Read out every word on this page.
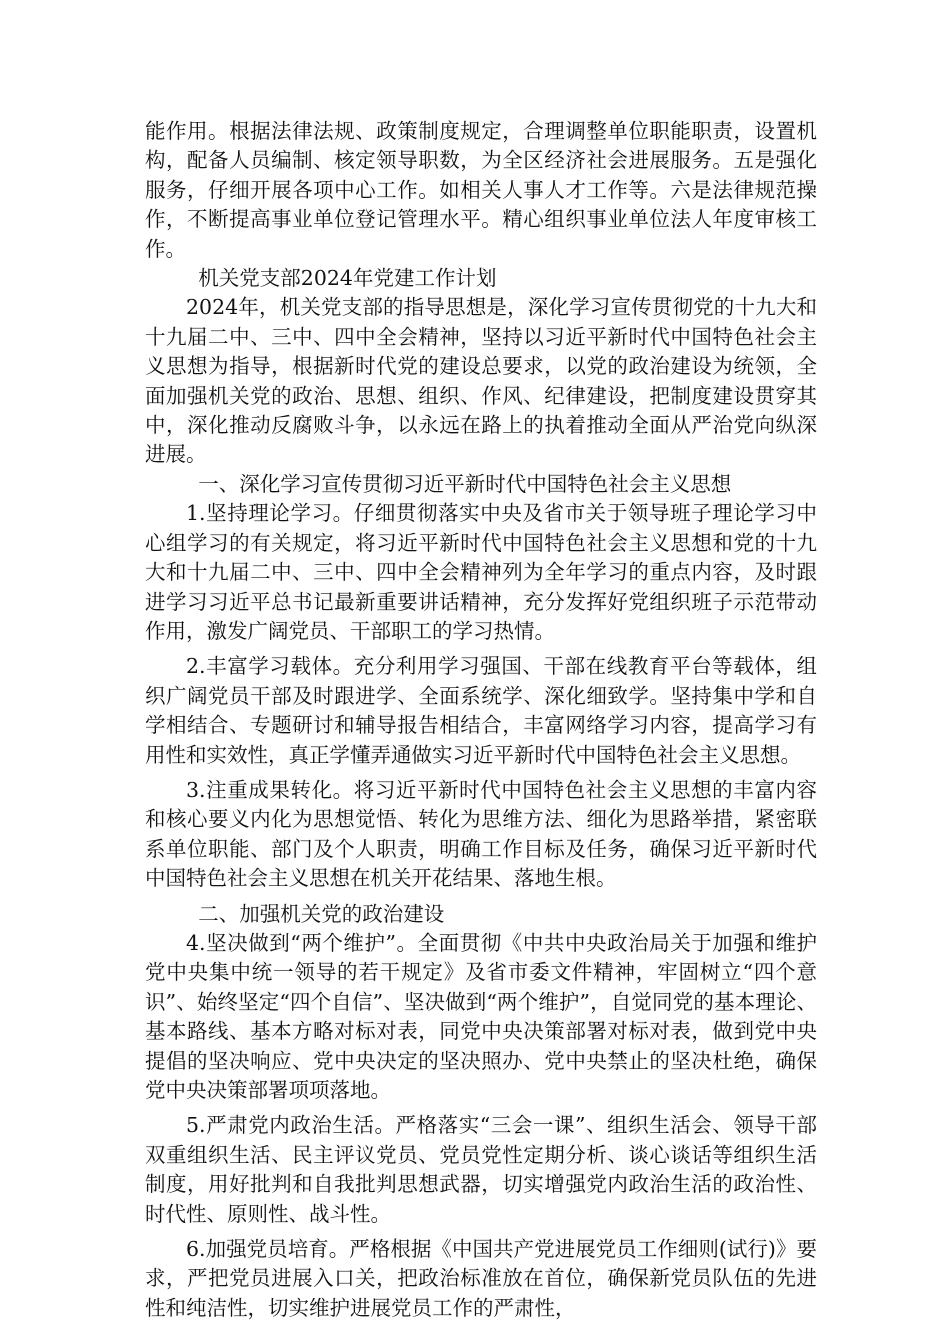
能作用。根据法律法规、政策制度规定，合理调整单位职能职责，设置机构，配备人员编制、核定领导职数，为全区经济社会进展服务。五是强化服务，仔细开展各项中心工作。如相关人事人才工作等。六是法律规范操作，不断提高事业单位登记管理水平。精心组织事业单位法人年度审核工作。

机关党支部2024年党建工作计划

2024年，机关党支部的指导思想是，深化学习宣传贯彻党的十九大和十九届二中、三中、四中全会精神，坚持以习近平新时代中国特色社会主义思想为指导，根据新时代党的建设总要求，以党的政治建设为统领，全面加强机关党的政治、思想、组织、作风、纪律建设，把制度建设贯穿其中，深化推动反腐败斗争，以永远在路上的执着推动全面从严治党向纵深进展。

一、深化学习宣传贯彻习近平新时代中国特色社会主义思想

1.坚持理论学习。仔细贯彻落实中央及省市关于领导班子理论学习中心组学习的有关规定，将习近平新时代中国特色社会主义思想和党的十九大和十九届二中、三中、四中全会精神列为全年学习的重点内容，及时跟进学习习近平总书记最新重要讲话精神，充分发挥好党组织班子示范带动作用，激发广阔党员、干部职工的学习热情。

2.丰富学习载体。充分利用学习强国、干部在线教育平台等载体，组织广阔党员干部及时跟进学、全面系统学、深化细致学。坚持集中学和自学相结合、专题研讨和辅导报告相结合，丰富网络学习内容，提高学习有用性和实效性，真正学懂弄通做实习近平新时代中国特色社会主义思想。

3.注重成果转化。将习近平新时代中国特色社会主义思想的丰富内容和核心要义内化为思想觉悟、转化为思维方法、细化为思路举措，紧密联系单位职能、部门及个人职责，明确工作目标及任务，确保习近平新时代中国特色社会主义思想在机关开花结果、落地生根。

二、加强机关党的政治建设

4.坚决做到“两个维护”。全面贯彻《中共中央政治局关于加强和维护党中央集中统一领导的若干规定》及省市委文件精神，牢固树立“四个意识”、始终坚定“四个自信”、坚决做到“两个维护”，自觉同党的基本理论、基本路线、基本方略对标对表，同党中央决策部署对标对表，做到党中央提倡的坚决响应、党中央决定的坚决照办、党中央禁止的坚决杜绝，确保党中央决策部署项项落地。

5.严肃党内政治生活。严格落实“三会一课”、组织生活会、领导干部双重组织生活、民主评议党员、党员党性定期分析、谈心谈话等组织生活制度，用好批判和自我批判思想武器，切实增强党内政治生活的政治性、时代性、原则性、战斗性。

6.加强党员培育。严格根据《中国共产党进展党员工作细则(试行)》要求，严把党员进展入口关，把政治标准放在首位，确保新党员队伍的先进性和纯洁性，切实维护进展党员工作的严肃性，
